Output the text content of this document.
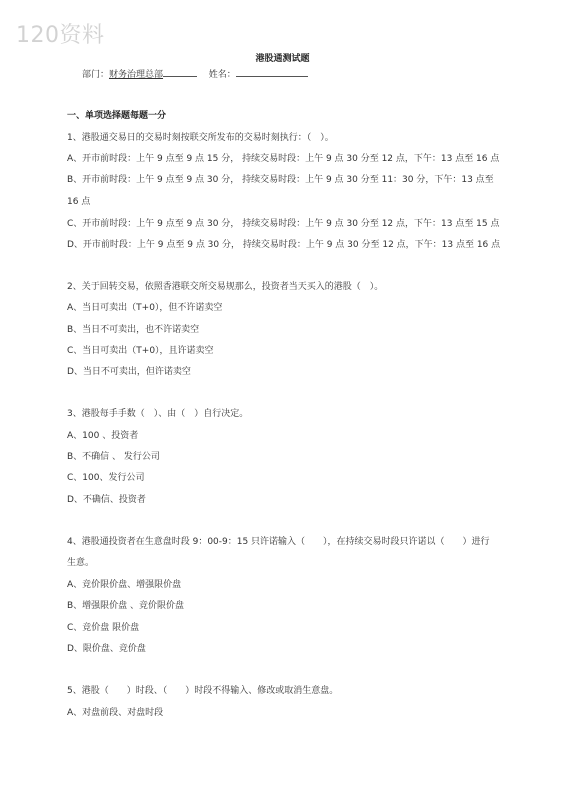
120资料
港股通测试题
部门：财务治理总部	姓名：
一、单项选择题每题一分
1、港股通交易日的交易时刻按联交所发布的交易时刻执行：（　）。
A、开市前时段：上午 9 点至 9 点 15 分， 持续交易时段：上午 9 点 30 分至 12 点，下午：13 点至 16 点
B、开市前时段：上午 9 点至 9 点 30 分， 持续交易时段：上午 9 点 30 分至 11：30 分，下午：13 点至
16 点
C、开市前时段：上午 9 点至 9 点 30 分， 持续交易时段：上午 9 点 30 分至 12 点，下午：13 点至 15 点
D、开市前时段：上午 9 点至 9 点 30 分， 持续交易时段：上午 9 点 30 分至 12 点，下午：13 点至 16 点
2、关于回转交易，依照香港联交所交易规那么，投资者当天买入的港股（　）。
A、当日可卖出（T+0），但不许诺卖空
B、当日不可卖出，也不许诺卖空
C、当日可卖出（T+0），且许诺卖空
D、当日不可卖出，但许诺卖空
3、港股每手手数（　）、由（　）自行决定。
A、100 、投资者
B、不确信 、 发行公司
C、100、发行公司
D、不确信、投资者
4、港股通投资者在生意盘时段 9：00-9：15 只许诺输入（　　），在持续交易时段只许诺以（　　）进行
生意。
A、竞价限价盘、增强限价盘
B、增强限价盘 、竞价限价盘
C、竞价盘 限价盘
D、限价盘、竞价盘
5、港股（　　）时段、（　　）时段不得输入、修改或取消生意盘。
A、对盘前段、对盘时段
